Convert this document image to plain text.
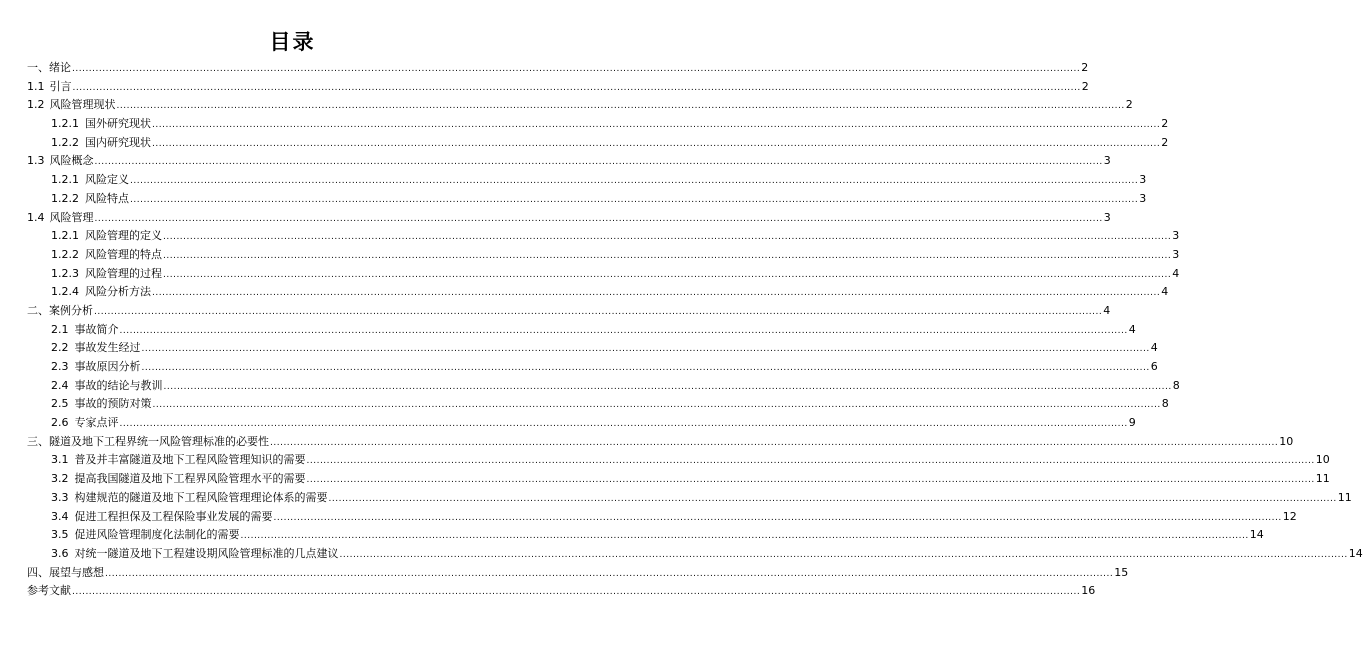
目录
一、绪论 ............................................................................................................................................................................................................................................................................................................ 2
1.1 引言 ............................................................................................................................................................................................................................................................................................................ 2
1.2 风险管理现状 ............................................................................................................................................................................................................................................................................................................ 2
1.2.1 国外研究现状 ............................................................................................................................................................................................................................................................................................................ 2
1.2.2 国内研究现状 ............................................................................................................................................................................................................................................................................................................ 2
1.3 风险概念 ............................................................................................................................................................................................................................................................................................................ 3
1.2.1 风险定义 ............................................................................................................................................................................................................................................................................................................ 3
1.2.2 风险特点 ............................................................................................................................................................................................................................................................................................................ 3
1.4 风险管理 ............................................................................................................................................................................................................................................................................................................ 3
1.2.1 风险管理的定义 ............................................................................................................................................................................................................................................................................................................ 3
1.2.2 风险管理的特点 ............................................................................................................................................................................................................................................................................................................ 3
1.2.3 风险管理的过程 ............................................................................................................................................................................................................................................................................................................ 4
1.2.4 风险分析方法 ............................................................................................................................................................................................................................................................................................................ 4
二、案例分析 ............................................................................................................................................................................................................................................................................................................ 4
2.1 事故简介 ............................................................................................................................................................................................................................................................................................................ 4
2.2 事故发生经过 ............................................................................................................................................................................................................................................................................................................ 4
2.3 事故原因分析 ............................................................................................................................................................................................................................................................................................................ 6
2.4 事故的结论与教训 ............................................................................................................................................................................................................................................................................................................ 8
2.5 事故的预防对策 ............................................................................................................................................................................................................................................................................................................ 8
2.6 专家点评 ............................................................................................................................................................................................................................................................................................................ 9
三、隧道及地下工程界统一风险管理标准的必要性 ............................................................................................................................................................................................................................................................................................................ 10
3.1 普及并丰富隧道及地下工程风险管理知识的需要 ............................................................................................................................................................................................................................................................................................................ 10
3.2 提高我国隧道及地下工程界风险管理水平的需要 ............................................................................................................................................................................................................................................................................................................ 11
3.3 构建规范的隧道及地下工程风险管理理论体系的需要 ............................................................................................................................................................................................................................................................................................................ 11
3.4 促进工程担保及工程保险事业发展的需要 ............................................................................................................................................................................................................................................................................................................ 12
3.5 促进风险管理制度化法制化的需要 ............................................................................................................................................................................................................................................................................................................ 14
3.6 对统一隧道及地下工程建设期风险管理标准的几点建议 ............................................................................................................................................................................................................................................................................................................ 14
四、展望与感想 ............................................................................................................................................................................................................................................................................................................ 15
参考文献 ............................................................................................................................................................................................................................................................................................................ 16
